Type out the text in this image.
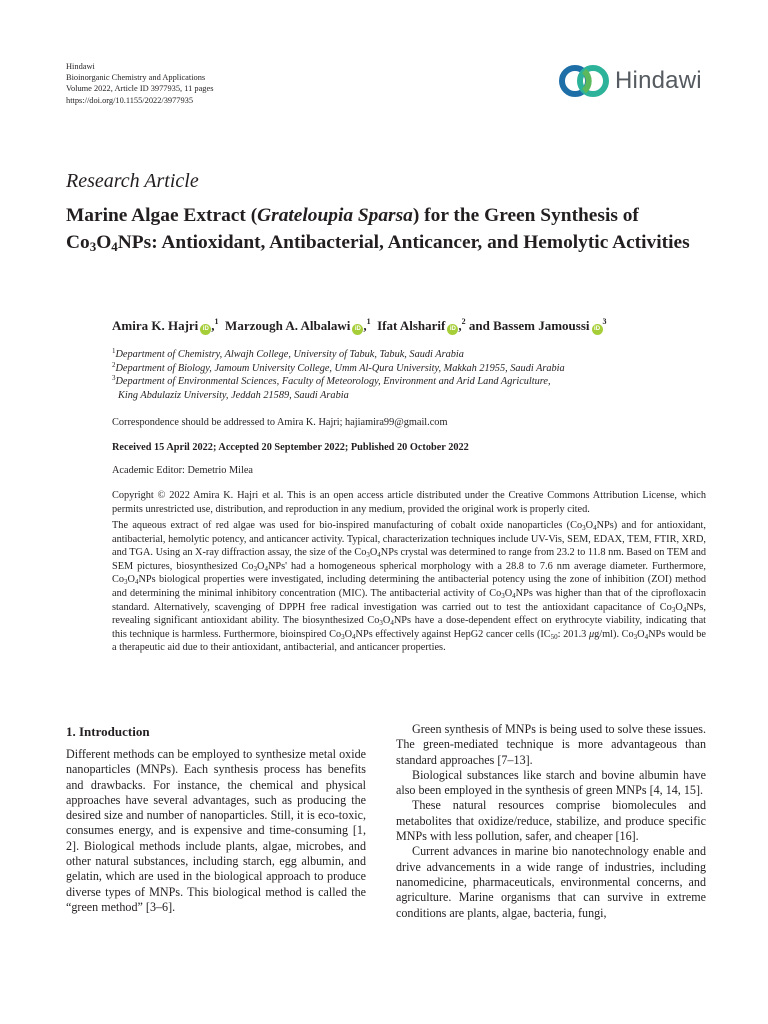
Hindawi
Bioinorganic Chemistry and Applications
Volume 2022, Article ID 3977935, 11 pages
https://doi.org/10.1155/2022/3977935
Hindawi
Research Article
Marine Algae Extract (Grateloupia Sparsa) for the Green Synthesis of $Co_3O_4NPs$: Antioxidant, Antibacterial, Anticancer, and Hemolytic Activities
Amira K. Hajri iD ,$^1$ Marzough A. Albalawi iD ,$^1$ Ifat Alsharif iD ,$^2$ and Bassem Jamoussi $iD^3$
$^1$Department of Chemistry, Alwajh College, University of Tabuk, Tabuk, Saudi Arabia
$^2$Department of Biology, Jamoum University College, Umm Al-Qura University, Makkah 21955, Saudi Arabia
$^3$Department of Environmental Sciences, Faculty of Meteorology, Environment and Arid Land Agriculture,
King Abdulaziz University, Jeddah 21589, Saudi Arabia
Correspondence should be addressed to Amira K. Hajri; hajiamira99@gmail.com
Received 15 April 2022; Accepted 20 September 2022; Published 20 October 2022
Academic Editor: Demetrio Milea
Copyright © 2022 Amira K. Hajri et al. This is an open access article distributed under the Creative Commons Attribution License, which permits unrestricted use, distribution, and reproduction in any medium, provided the original work is properly cited.
The aqueous extract of red algae was used for bio-inspired manufacturing of cobalt oxide nanoparticles $(Co_3O_4NPs)$ and for antioxidant, antibacterial, hemolytic potency, and anticancer activity. Typical, characterization techniques include UV-Vis, SEM, EDAX, TEM, FTIR, XRD, and TGA. Using an X-ray diffraction assay, the size of the $Co_3O_4NPs$ crystal was determined to range from 23.2 to 11.8 nm. Based on TEM and SEM pictures, biosynthesized $Co_3O_4NPs'$ had a homogeneous spherical morphology with a 28.8 to 7.6 nm average diameter. Furthermore, $Co_3O_4NPs$ biological properties were investigated, including determining the antibacterial potency using the zone of inhibition (ZOI) method and determining the minimal inhibitory concentration (MIC). The antibacterial activity of $Co_3O_4NPs$ was higher than that of the ciprofloxacin standard. Alternatively, scavenging of DPPH free radical investigation was carried out to test the antioxidant capacitance of $Co_3O_4NPs$, revealing significant antioxidant ability. The biosynthesized $Co_3O_4NPs$ have a dose-dependent effect on erythrocyte viability, indicating that this technique is harmless. Furthermore, bioinspired $Co_3O_4NPs$ effectively against HepG2 cancer cells ($IC_{50}$: 201.3 μg/ml). $Co_3O_4NPs$ would be a therapeutic aid due to their antioxidant, antibacterial, and anticancer properties.
1. Introduction

Different methods can be employed to synthesize metal oxide nanoparticles (MNPs). Each synthesis process has benefits and drawbacks. For instance, the chemical and physical approaches have several advantages, such as producing the desired size and number of nanoparticles. Still, it is eco-toxic, consumes energy, and is expensive and time-consuming [1, 2]. Biological methods include plants, algae, microbes, and other natural substances, including starch, egg albumin, and gelatin, which are used in the biological approach to produce diverse types of MNPs. This biological method is called the “green method” [3–6].

Green synthesis of MNPs is being used to solve these issues. The green-mediated technique is more advantageous than standard approaches [7–13].

Biological substances like starch and bovine albumin have also been employed in the synthesis of green MNPs [4, 14, 15].

These natural resources comprise biomolecules and metabolites that oxidize/reduce, stabilize, and produce specific MNPs with less pollution, safer, and cheaper [16].

Current advances in marine bio nanotechnology enable and drive advancements in a wide range of industries, including nanomedicine, pharmaceuticals, environmental concerns, and agriculture. Marine organisms that can survive in extreme conditions are plants, algae, bacteria, fungi,
